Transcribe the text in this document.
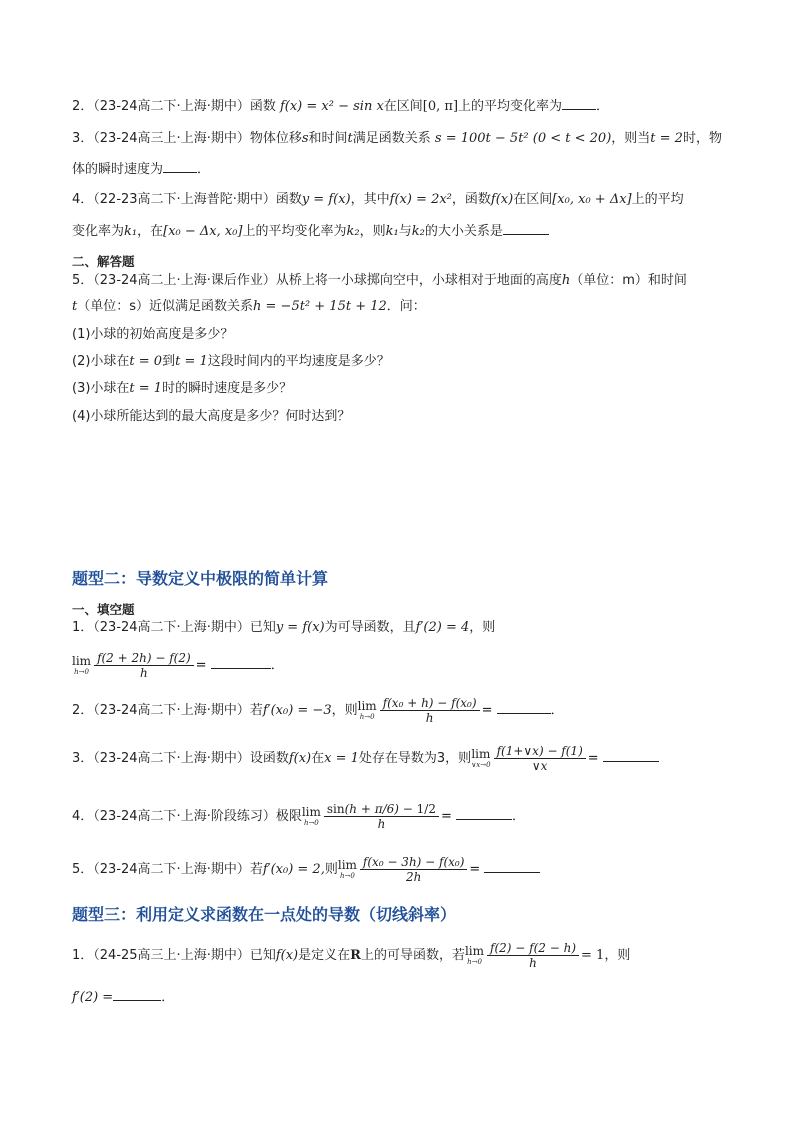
2．（23-24高二下·上海·期中）函数 f(x) = x² − sin x在区间[0, π]上的平均变化率为	．
3．（23-24高三上·上海·期中）物体位移s和时间t满足函数关系 s = 100t − 5t² (0 < t < 20)，则当t = 2时，物
体的瞬时速度为	．
4．（22-23高二下·上海普陀·期中）函数y = f(x)，其中f(x) = 2x²，函数f(x)在区间[x₀, x₀ + Δx]上的平均
变化率为k₁，在[x₀ − Δx, x₀]上的平均变化率为k₂，则k₁与k₂的大小关系是
二、解答题
5．（23-24高二上·上海·课后作业）从桥上将一小球掷向空中，小球相对于地面的高度h（单位：m）和时间
t（单位：s）近似满足函数关系h = −5t² + 15t + 12．问：
(1)小球的初始高度是多少？
(2)小球在t = 0到t = 1这段时间内的平均速度是多少？
(3)小球在t = 1时的瞬时速度是多少？
(4)小球所能达到的最大高度是多少？何时达到？
题型二：导数定义中极限的简单计算
一、填空题
1．（23-24高二下·上海·期中）已知y = f(x)为可导函数，且f′(2) = 4，则
lim
$h\to 0 \frac{f(2 + 2h) - f(2)}{h}$ =	．
2．（23-24高二下·上海·期中）若f′(x₀) = −3，则 lim
$h\to 0 \frac{\text{f(x₀ + h) − f(x₀)}}{h}$ =	．
3．（23-24高二下·上海·期中）设函数f(x)在x = 1处存在导数为3，则 lim
∨x→0 $\frac{f(1+\vee x) - f(1)}{\vee x}$ =
4．（23-24高二下·上海·阶段练习）极限 lim
$h\to 0 \frac{\sin(h + \pi/6) - 1/2}{h}$ =	．
5．（23-24高二下·上海·期中）若f′(x₀) = 2,则 lim
$h\to 0 \frac{\text{f(x₀ − 3h) − f(x₀)}}{2h}$ =
题型三：利用定义求函数在一点处的导数（切线斜率）
1．（24-25高三上·上海·期中）已知f(x)是定义在R上的可导函数，若 lim
$h\to 0 \frac{f(2) - f(2 - h)}{h} = 1$，则
f′(2) =	．
